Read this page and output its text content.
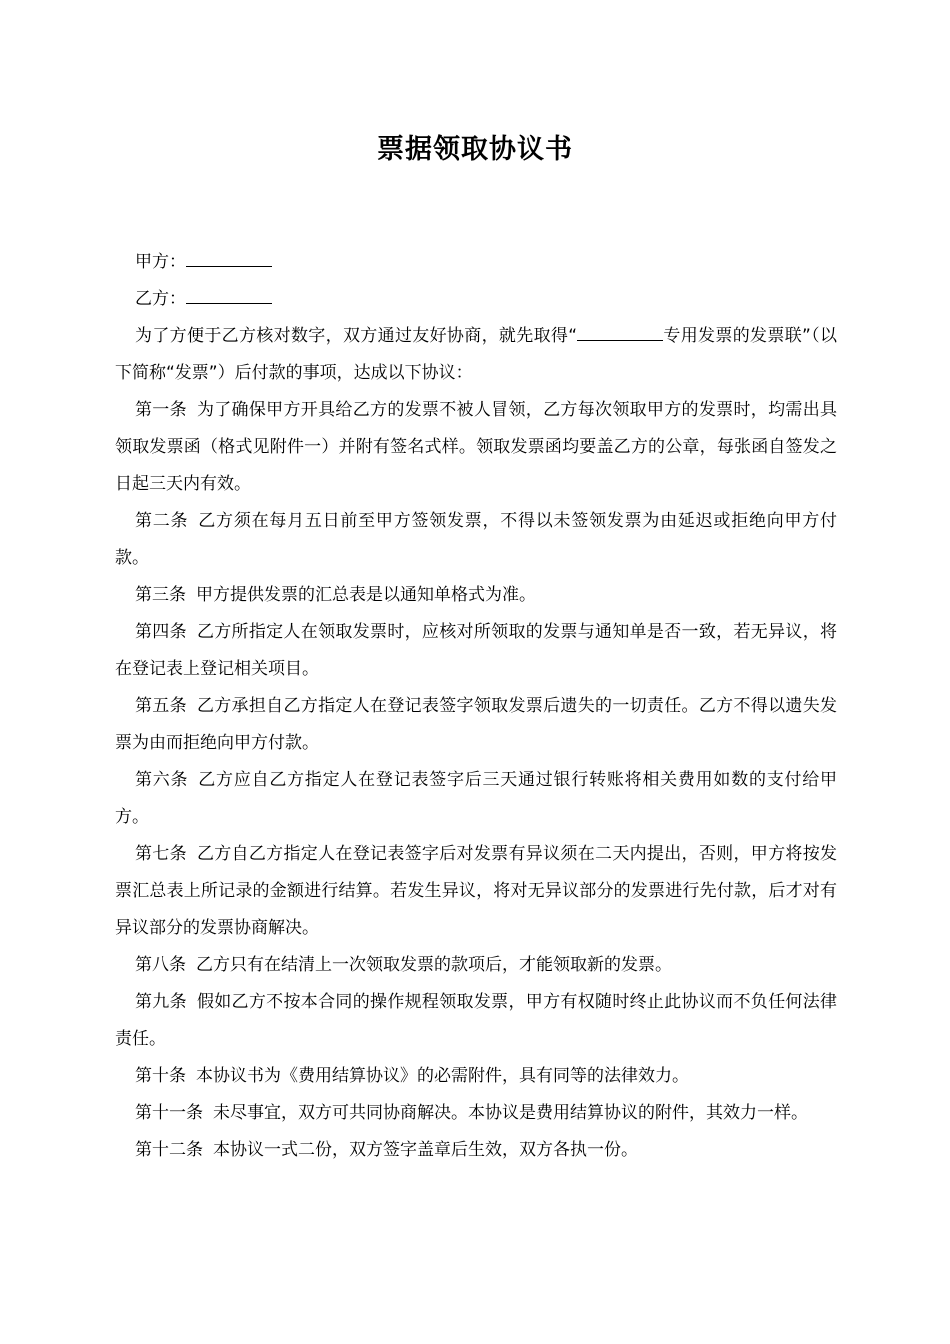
票据领取协议书

甲方：

乙方：

为了方便于乙方核对数字，双方通过友好协商，就先取得“	专用发票的发票联”（以下简称“发票”）后付款的事项，达成以下协议：

第一条 为了确保甲方开具给乙方的发票不被人冒领，乙方每次领取甲方的发票时，均需出具领取发票函（格式见附件一）并附有签名式样。领取发票函均要盖乙方的公章，每张函自签发之日起三天内有效。

第二条 乙方须在每月五日前至甲方签领发票，不得以未签领发票为由延迟或拒绝向甲方付款。

第三条 甲方提供发票的汇总表是以通知单格式为准。

第四条 乙方所指定人在领取发票时，应核对所领取的发票与通知单是否一致，若无异议，将在登记表上登记相关项目。

第五条 乙方承担自乙方指定人在登记表签字领取发票后遗失的一切责任。乙方不得以遗失发票为由而拒绝向甲方付款。

第六条 乙方应自乙方指定人在登记表签字后三天通过银行转账将相关费用如数的支付给甲方。

第七条 乙方自乙方指定人在登记表签字后对发票有异议须在二天内提出，否则，甲方将按发票汇总表上所记录的金额进行结算。若发生异议，将对无异议部分的发票进行先付款，后才对有异议部分的发票协商解决。

第八条 乙方只有在结清上一次领取发票的款项后，才能领取新的发票。

第九条 假如乙方不按本合同的操作规程领取发票，甲方有权随时终止此协议而不负任何法律责任。

第十条 本协议书为《费用结算协议》的必需附件，具有同等的法律效力。

第十一条 未尽事宜，双方可共同协商解决。本协议是费用结算协议的附件，其效力一样。

第十二条 本协议一式二份，双方签字盖章后生效，双方各执一份。
